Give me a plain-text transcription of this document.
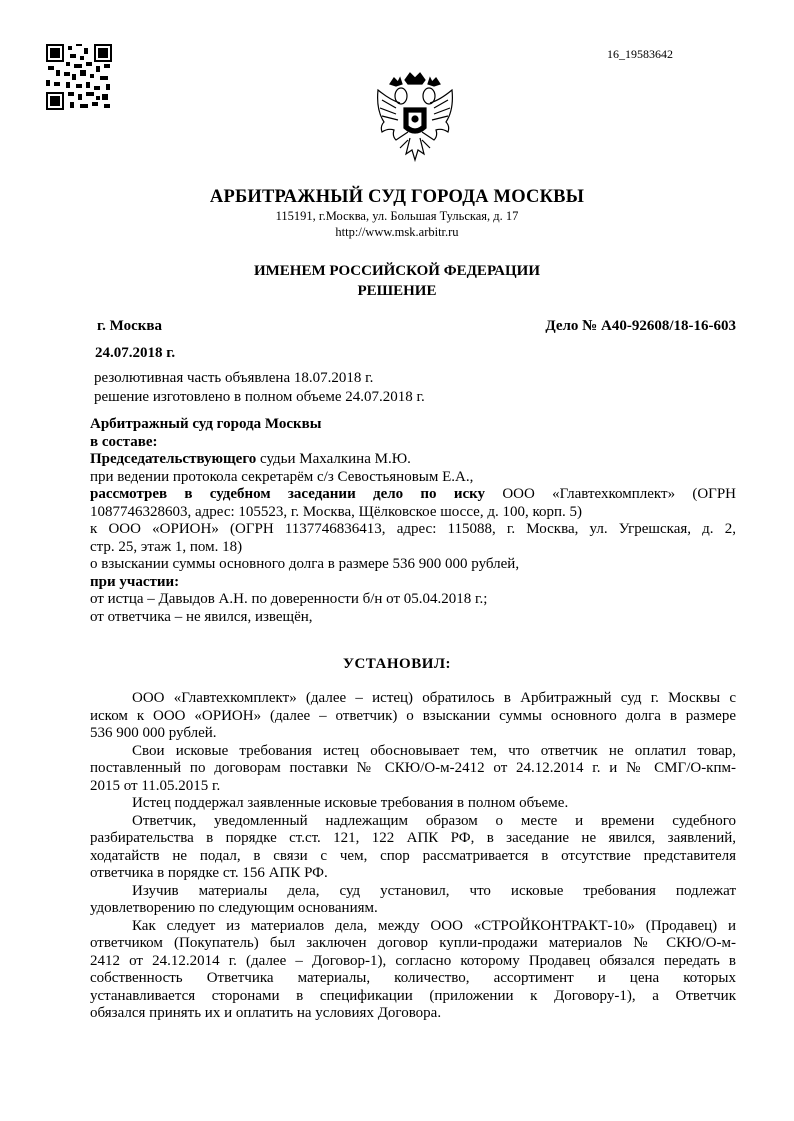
16_19583642
АРБИТРАЖНЫЙ СУД ГОРОДА МОСКВЫ
115191, г.Москва, ул. Большая Тульская, д. 17
http://www.msk.arbitr.ru
ИМЕНЕМ РОССИЙСКОЙ ФЕДЕРАЦИИ
РЕШЕНИЕ
г. Москва	Дело № А40-92608/18-16-603
24.07.2018 г.
резолютивная часть объявлена 18.07.2018 г.
решение изготовлено в полном объеме 24.07.2018 г.
Арбитражный суд города Москвы
в составе:
Председательствующего судьи Махалкина М.Ю.
при ведении протокола секретарём с/з Севостьяновым Е.А.,
рассмотрев в судебном заседании дело по иску ООО «Главтехкомплект» (ОГРН
1087746328603, адрес: 105523, г. Москва, Щёлковское шоссе, д. 100, корп. 5)
к ООО «ОРИОН» (ОГРН 1137746836413, адрес: 115088, г. Москва, ул. Угрешская, д. 2,
стр. 25, этаж 1, пом. 18)
о взыскании суммы основного долга в размере 536 900 000 рублей,
при участии:
от истца – Давыдов А.Н. по доверенности б/н от 05.04.2018 г.;
от ответчика – не явился, извещён,
УСТАНОВИЛ:
ООО «Главтехкомплект» (далее – истец) обратилось в Арбитражный суд г. Москвы с
иском к ООО «ОРИОН» (далее – ответчик) о взыскании суммы основного долга в размере
536 900 000 рублей.
Свои исковые требования истец обосновывает тем, что ответчик не оплатил товар,
поставленный по договорам поставки № СКЮ/О-м-2412 от 24.12.2014 г. и № СМГ/О-кпм-
2015 от 11.05.2015 г.
Истец поддержал заявленные исковые требования в полном объеме.
Ответчик, уведомленный надлежащим образом о месте и времени судебного
разбирательства в порядке ст.ст. 121, 122 АПК РФ, в заседание не явился, заявлений,
ходатайств не подал, в связи с чем, спор рассматривается в отсутствие представителя
ответчика в порядке ст. 156 АПК РФ.
Изучив материалы дела, суд установил, что исковые требования подлежат
удовлетворению по следующим основаниям.
Как следует из материалов дела, между ООО «СТРОЙКОНТРАКТ-10» (Продавец) и
ответчиком (Покупатель) был заключен договор купли-продажи материалов № СКЮ/О-м-
2412 от 24.12.2014 г. (далее – Договор-1), согласно которому Продавец обязался передать в
собственность Ответчика материалы, количество, ассортимент и цена которых
устанавливается сторонами в спецификации (приложении к Договору-1), а Ответчик
обязался принять их и оплатить на условиях Договора.
